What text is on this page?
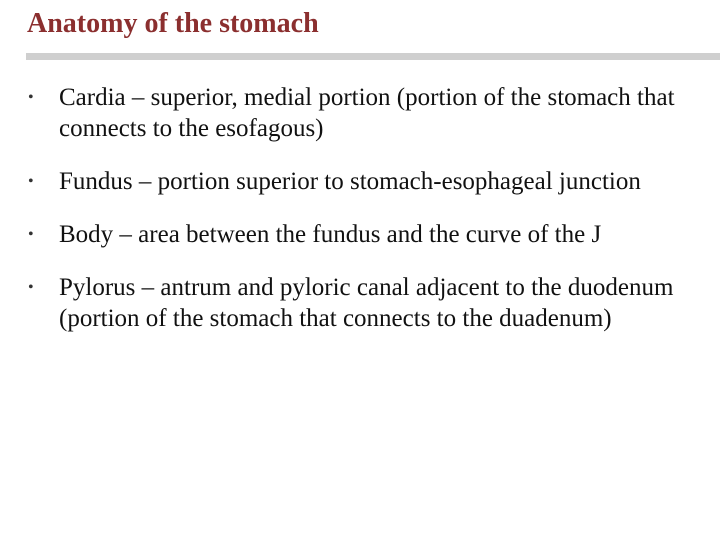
Anatomy of the stomach
• Cardia – superior, medial portion (portion of the stomach that connects to the esofagous)
• Fundus – portion superior to stomach-esophageal junction
• Body – area between the fundus and the curve of the J
• Pylorus – antrum and pyloric canal adjacent to the duodenum (portion of the stomach that connects to the duadenum)
